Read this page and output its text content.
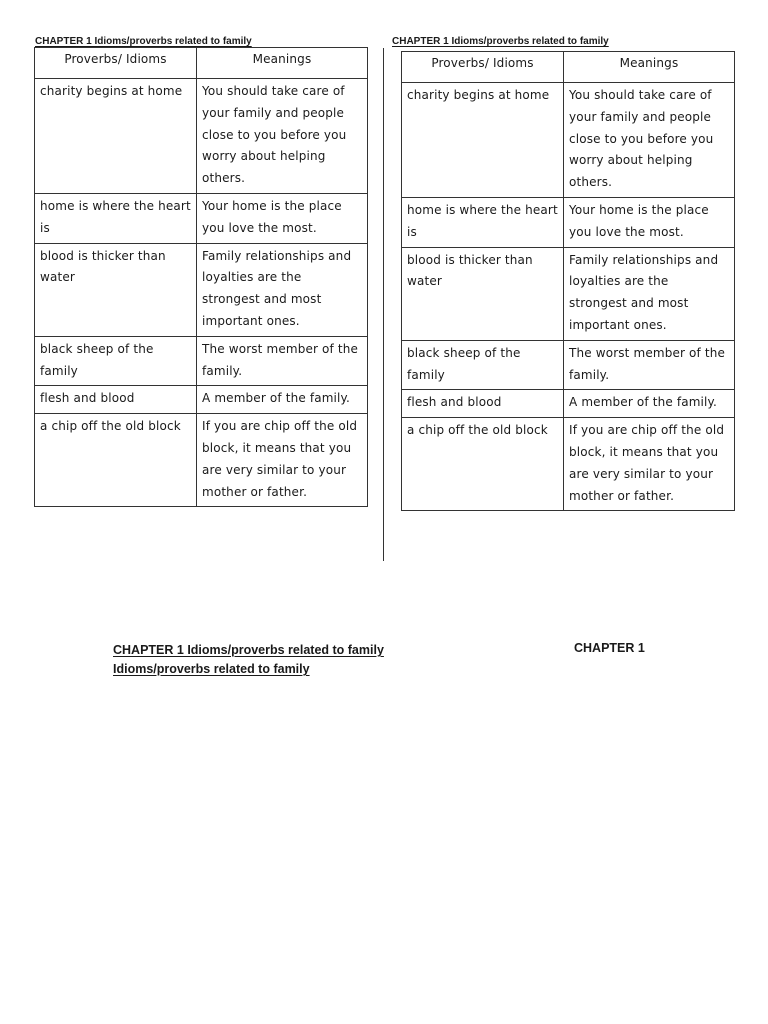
CHAPTER 1 Idioms/proverbs related to family	CHAPTER 1 Idioms/proverbs related to family

Proverbs/ Idioms	Meanings
charity begins at home	You should take care of your family and people close to you before you worry about helping others.
home is where the heart is	Your home is the place you love the most.
blood is thicker than water	Family relationships and loyalties are the strongest and most important ones.
black sheep of the family	The worst member of the family.
flesh and blood	A member of the family.
a chip off the old block	If you are chip off the old block, it means that you are very similar to your mother or father.
Proverbs/ Idioms	Meanings
charity begins at home	You should take care of your family and people close to you before you worry about helping others.
home is where the heart is	Your home is the place you love the most.
blood is thicker than water	Family relationships and loyalties are the strongest and most important ones.
black sheep of the family	The worst member of the family.
flesh and blood	A member of the family.
a chip off the old block	If you are chip off the old block, it means that you are very similar to your mother or father.
CHAPTER 1 Idioms/proverbs related to family
Idioms/proverbs related to family

CHAPTER 1
